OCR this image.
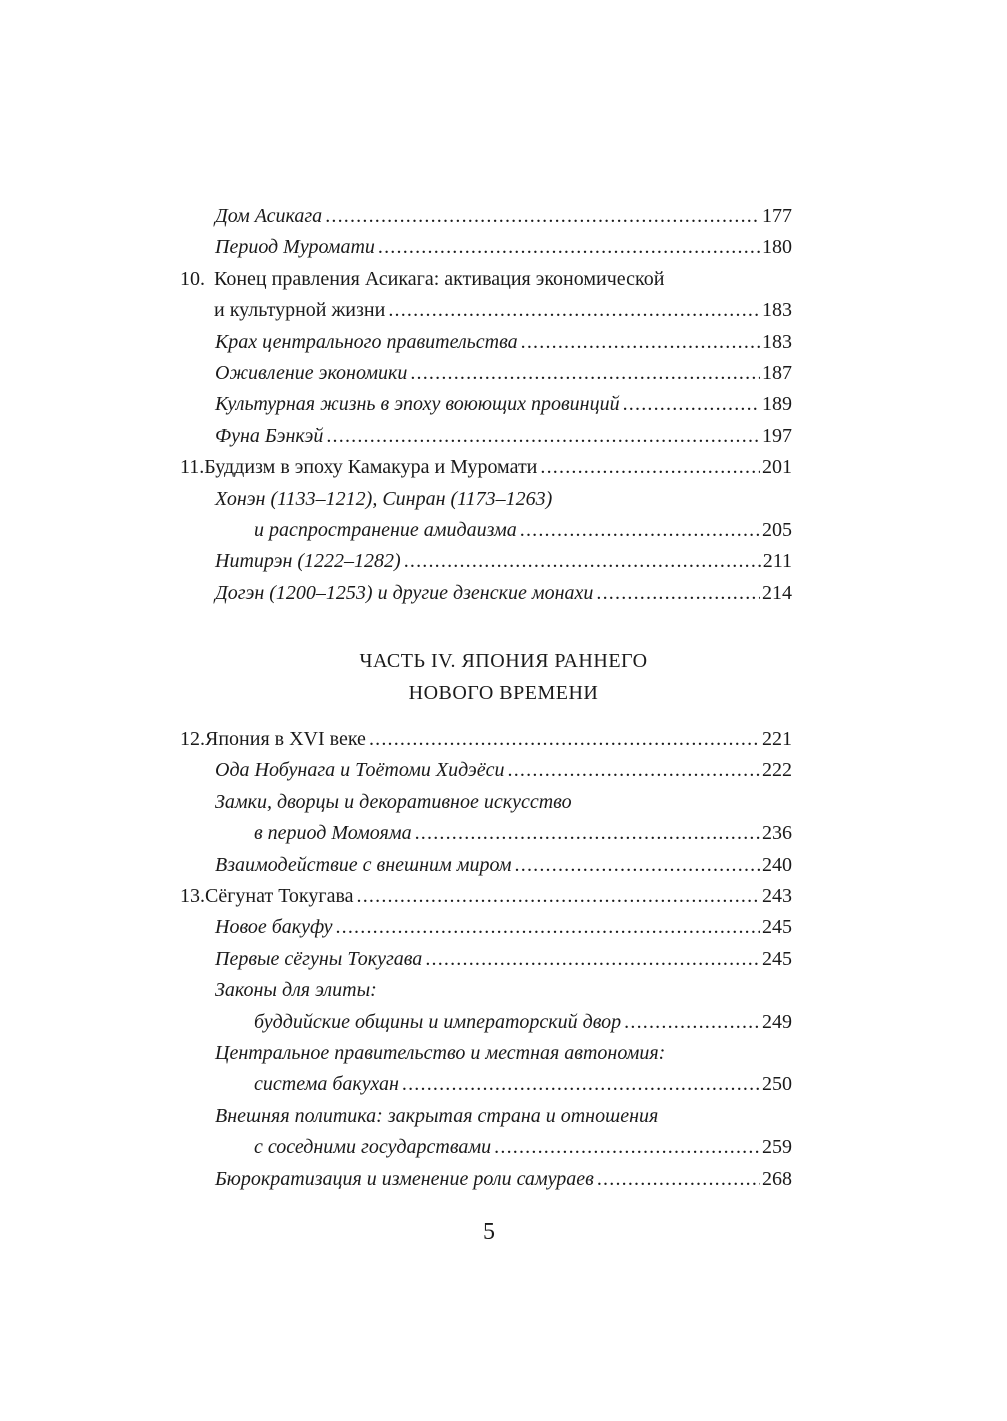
Дом Асикага .....	177
Период Муромати .....	180
10. Конец правления Асикага: активация экономической
и культурной жизни .....	183
Крах центрального правительства .....	183
Оживление экономики .....	187
Культурная жизнь в эпоху воюющих провинций .....	189
Фуна Бэнкэй .....	197
11. Буддизм в эпоху Камакура и Муромати .....	201
Хонэн (1133–1212), Синран (1173–1263)
и распространение амидаизма .....	205
Нитирэн (1222–1282) .....	211
Догэн (1200–1253) и другие дзенские монахи .....	214
ЧАСТЬ IV. ЯПОНИЯ РАННЕГО
НОВОГО ВРЕМЕНИ
12. Япония в XVI веке .....	221
Ода Нобунага и Тоётоми Хидэёси .....	222
Замки, дворцы и декоративное искусство
в период Момояма .....	236
Взаимодействие с внешним миром .....	240
13. Сёгунат Токугава .....	243
Новое бакуфу .....	245
Первые сёгуны Токугава .....	245
Законы для элиты:
буддийские общины и императорский двор .....	249
Центральное правительство и местная автономия:
система бакухан .....	250
Внешняя политика: закрытая страна и отношения
с соседними государствами .....	259
Бюрократизация и изменение роли самураев .....	268
5
